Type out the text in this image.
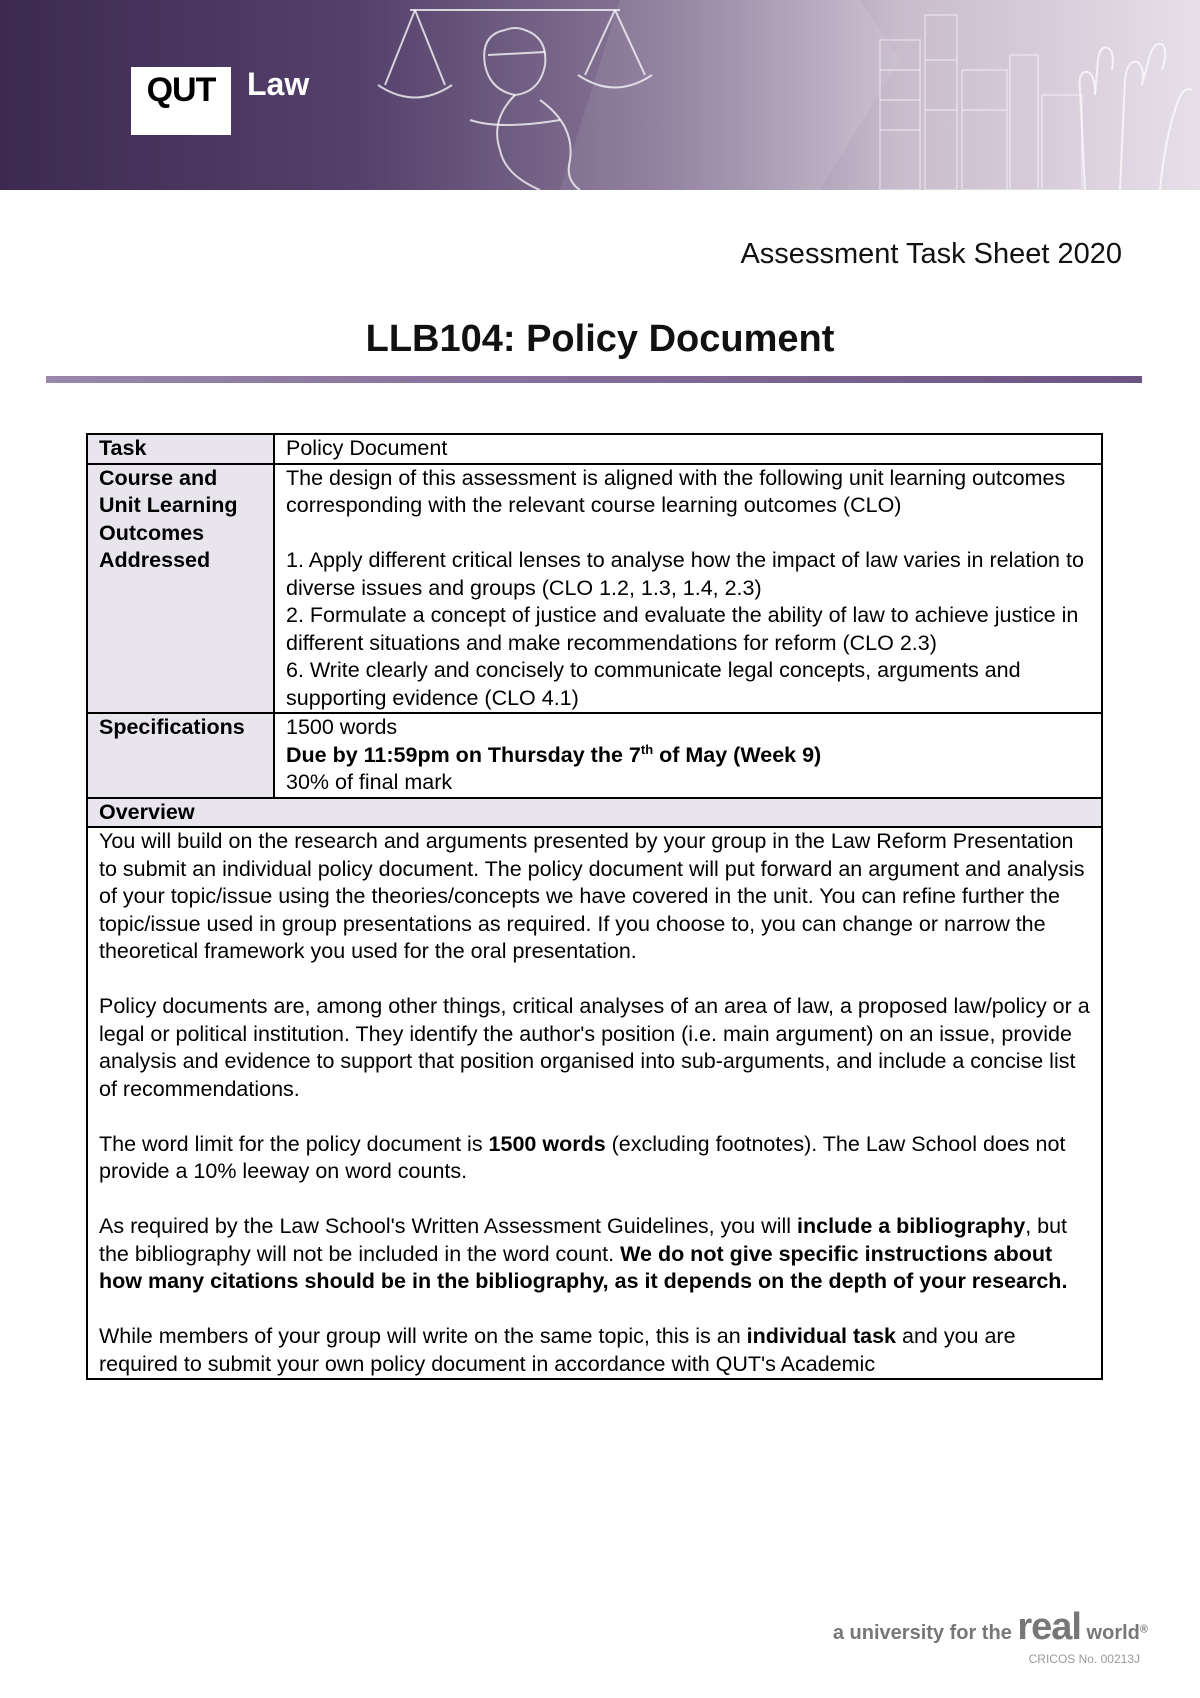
QUT Law
Assessment Task Sheet 2020
LLB104: Policy Document
Task	Policy Document
Course and Unit Learning Outcomes Addressed	The design of this assessment is aligned with the following unit learning outcomes corresponding with the relevant course learning outcomes (CLO)

1. Apply different critical lenses to analyse how the impact of law varies in relation to diverse issues and groups (CLO 1.2, 1.3, 1.4, 2.3)

2. Formulate a concept of justice and evaluate the ability of law to achieve justice in different situations and make recommendations for reform (CLO 2.3)

6. Write clearly and concisely to communicate legal concepts, arguments and supporting evidence (CLO 4.1)

Specifications	1500 words
Due by 11:59pm on Thursday the 7th of May (Week 9)
30% of final mark

Overview	

You will build on the research and arguments presented by your group in the Law Reform Presentation to submit an individual policy document. The policy document will put forward an argument and analysis of your topic/issue using the theories/concepts we have covered in the unit. You can refine further the topic/issue used in group presentations as required. If you choose to, you can change or narrow the theoretical framework you used for the oral presentation.

Policy documents are, among other things, critical analyses of an area of law, a proposed law/policy or a legal or political institution. They identify the author's position (i.e. main argument) on an issue, provide analysis and evidence to support that position organised into sub-arguments, and include a concise list of recommendations.

The word limit for the policy document is 1500 words (excluding footnotes). The Law School does not provide a 10% leeway on word counts.

As required by the Law School's Written Assessment Guidelines, you will include a bibliography, but the bibliography will not be included in the word count. We do not give specific instructions about how many citations should be in the bibliography, as it depends on the depth of your research.

While members of your group will write on the same topic, this is an individual task and you are required to submit your own policy document in accordance with QUT's Academic	

a university for the real world®
CRICOS No. 00213J
